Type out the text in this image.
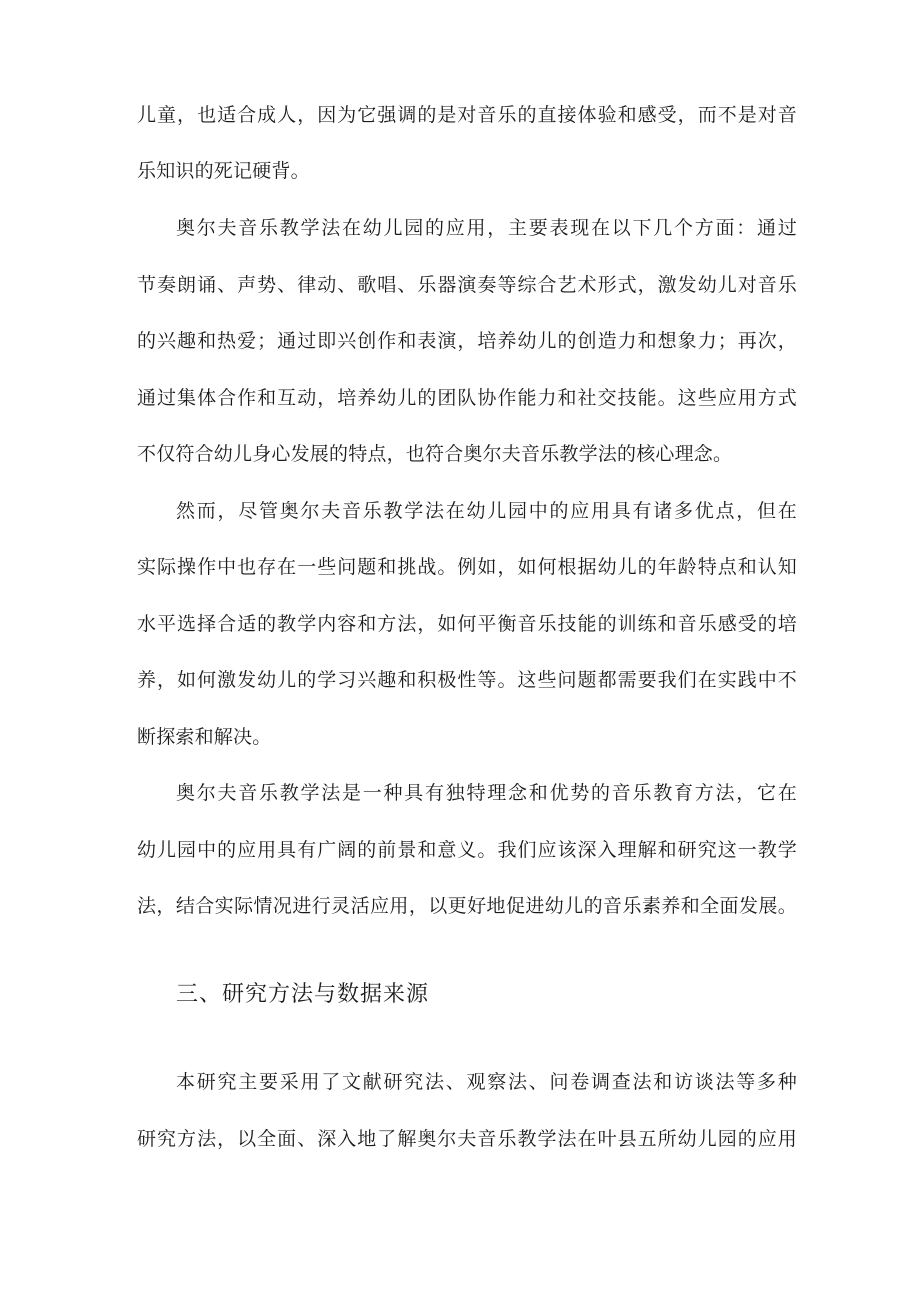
儿童，也适合成人，因为它强调的是对音乐的直接体验和感受，而不是对音
乐知识的死记硬背。
奥尔夫音乐教学法在幼儿园的应用，主要表现在以下几个方面：通过
节奏朗诵、声势、律动、歌唱、乐器演奏等综合艺术形式，激发幼儿对音乐
的兴趣和热爱；通过即兴创作和表演，培养幼儿的创造力和想象力；再次，
通过集体合作和互动，培养幼儿的团队协作能力和社交技能。这些应用方式
不仅符合幼儿身心发展的特点，也符合奥尔夫音乐教学法的核心理念。
然而，尽管奥尔夫音乐教学法在幼儿园中的应用具有诸多优点，但在
实际操作中也存在一些问题和挑战。例如，如何根据幼儿的年龄特点和认知
水平选择合适的教学内容和方法，如何平衡音乐技能的训练和音乐感受的培
养，如何激发幼儿的学习兴趣和积极性等。这些问题都需要我们在实践中不
断探索和解决。
奥尔夫音乐教学法是一种具有独特理念和优势的音乐教育方法，它在
幼儿园中的应用具有广阔的前景和意义。我们应该深入理解和研究这一教学
法，结合实际情况进行灵活应用，以更好地促进幼儿的音乐素养和全面发展。
三、研究方法与数据来源
本研究主要采用了文献研究法、观察法、问卷调查法和访谈法等多种
研究方法，以全面、深入地了解奥尔夫音乐教学法在叶县五所幼儿园的应用
